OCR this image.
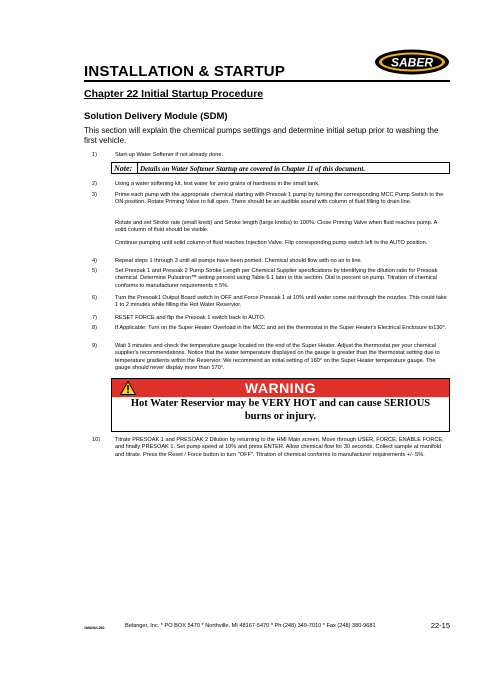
INSTALLATION & STARTUP
SABER
Chapter 22 Initial Startup Procedure
Solution Delivery Module (SDM)
This section will explain the chemical pumps settings and determine initial setup prior to washing the first vehicle.
1)	Start-up Water Softener if not already done.
Note: Details on Water Softener Startup are covered in Chapter 11 of this document.
2)	Using a water softening kit, test water for zero grains of hardness in the small tank.
3)	Prime each pump with the appropriate chemical starting with Presoak 1 pump by turning the corresponding MCC Pump Switch to the ON position. Rotate Priming Valve to full open. There should be an audible sound with column of fluid filling to drain line.
Rotate and set Stroke rate (small knob) and Stroke length (large knobs) to 100%. Close Priming Valve when fluid reaches pump. A solid column of fluid should be visible.
Continue pumping until solid column of fluid reaches Injection Valve. Flip corresponding pump switch left to the AUTO position.
4)	Repeat steps 1 through 3 until all pumps have been primed. Chemical should flow with no air in line.
5)	Set Presoak 1 and Presoak 2 Pump Stroke Length per Chemical Supplier specifications by identifying the dilution ratio for Presoak chemical. Determine Pulsatron™ setting percent using Table 6.1 later in this section. Dial in percent on pump. Titration of chemical conforms to manufacturer requirements ± 5%.
6)	Turn the Presoak1 Output Board switch to OFF and Force Presoak 1 at 10% until water come out through the nozzles. This could take 1 to 2 minutes while filling the Hot Water Reservior.
7)	RESET FORCE and flip the Presoak 1 switch back to AUTO.
8)	If Applicable: Turn on the Super Heater Overload in the MCC and set the thermostat in the Super Heater's Electrical Enclosure to130°.
9)	Wait 3 minutes and check the temperature gauge located on the end of the Super Heater. Adjust the thermostat per your chemical supplier's recommendations. Notice that the water temperature displayed on the gauge is greater than the thermostat setting due to temperature gradients within the Reservior. We recommend an initial setting of 160° on the Super Heater temperature gauge. The gauge should never display more than 170°.
WARNING
Hot Water Reservior may be VERY HOT and can cause SERIOUS
burns or injury.
10)	Titrate PRESOAK 1 and PRESOAK 2 Dilution by returning to the HMI Main screen. Move through USER, FORCE, ENABLE FORCE, and finally PRESOAK 1. Set pump speed at 10% and press ENTER. Allow chemical flow for 30 seconds. Collect sample at manifold and titrate. Press the Reset / Force button to turn "OFF". Titration of chemical conforms to manufacturer requirements +/- 5%.
1MANUL260	Belanger, Inc. * PO BOX 5470 * Northville, MI 48167-5470 * Ph (248) 349-7010 * Fax (248) 380-9681	22-15
